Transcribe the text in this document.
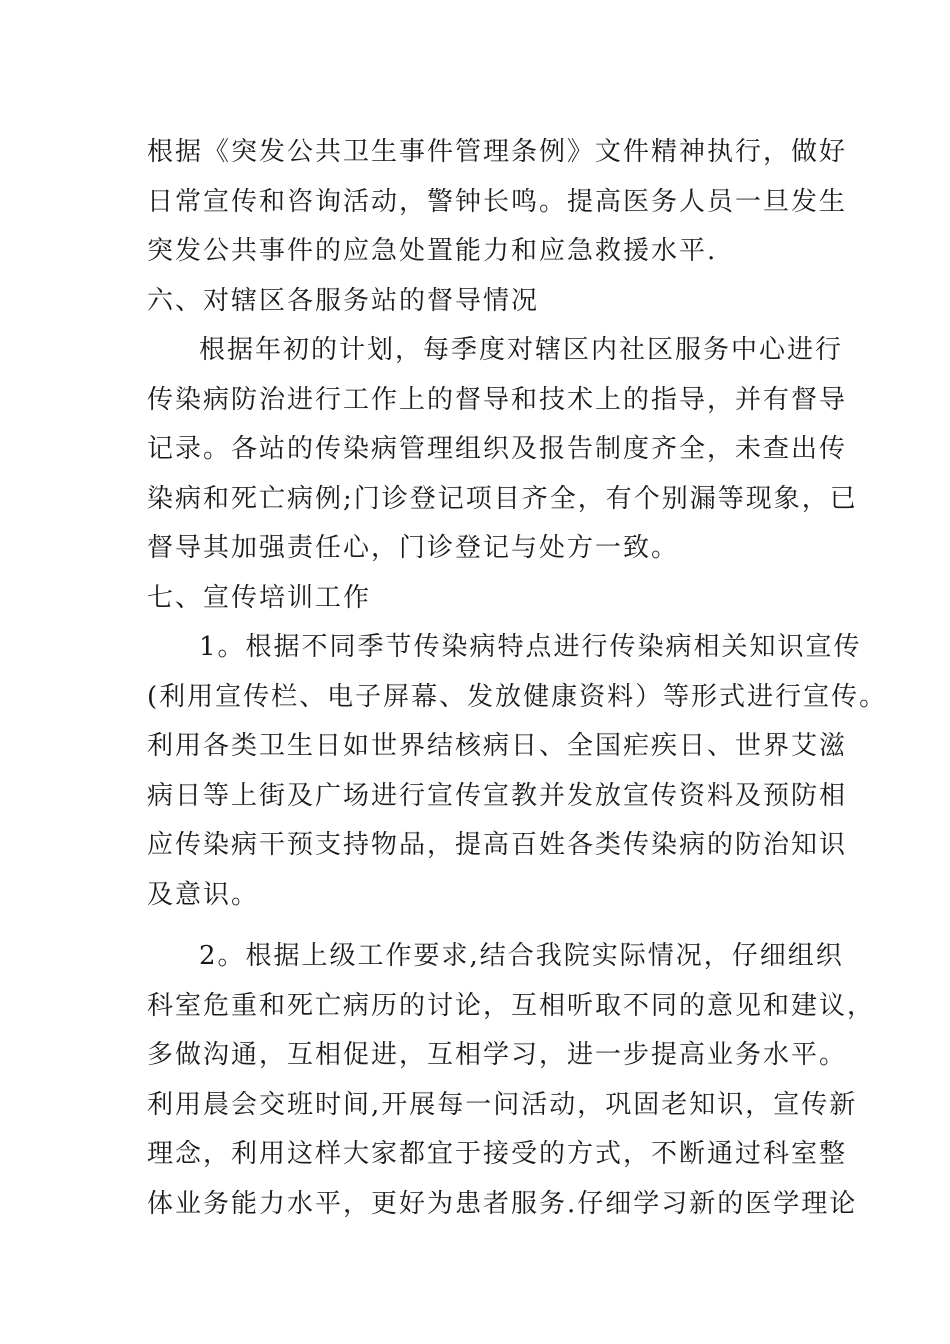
根据《突发公共卫生事件管理条例》文件精神执行，做好
日常宣传和咨询活动，警钟长鸣。提高医务人员一旦发生
突发公共事件的应急处置能力和应急救援水平.
六、对辖区各服务站的督导情况
根据年初的计划，每季度对辖区内社区服务中心进行
传染病防治进行工作上的督导和技术上的指导，并有督导
记录。各站的传染病管理组织及报告制度齐全，未查出传
染病和死亡病例;门诊登记项目齐全，有个别漏等现象，已
督导其加强责任心，门诊登记与处方一致。
七、宣传培训工作
1。根据不同季节传染病特点进行传染病相关知识宣传
(利用宣传栏、电子屏幕、发放健康资料）等形式进行宣传。
利用各类卫生日如世界结核病日、全国疟疾日、世界艾滋
病日等上街及广场进行宣传宣教并发放宣传资料及预防相
应传染病干预支持物品，提高百姓各类传染病的防治知识
及意识。
2。根据上级工作要求,结合我院实际情况，仔细组织
科室危重和死亡病历的讨论，互相听取不同的意见和建议，
多做沟通，互相促进，互相学习，进一步提高业务水平。
利用晨会交班时间,开展每一问活动，巩固老知识，宣传新
理念，利用这样大家都宜于接受的方式，不断通过科室整
体业务能力水平，更好为患者服务.仔细学习新的医学理论
